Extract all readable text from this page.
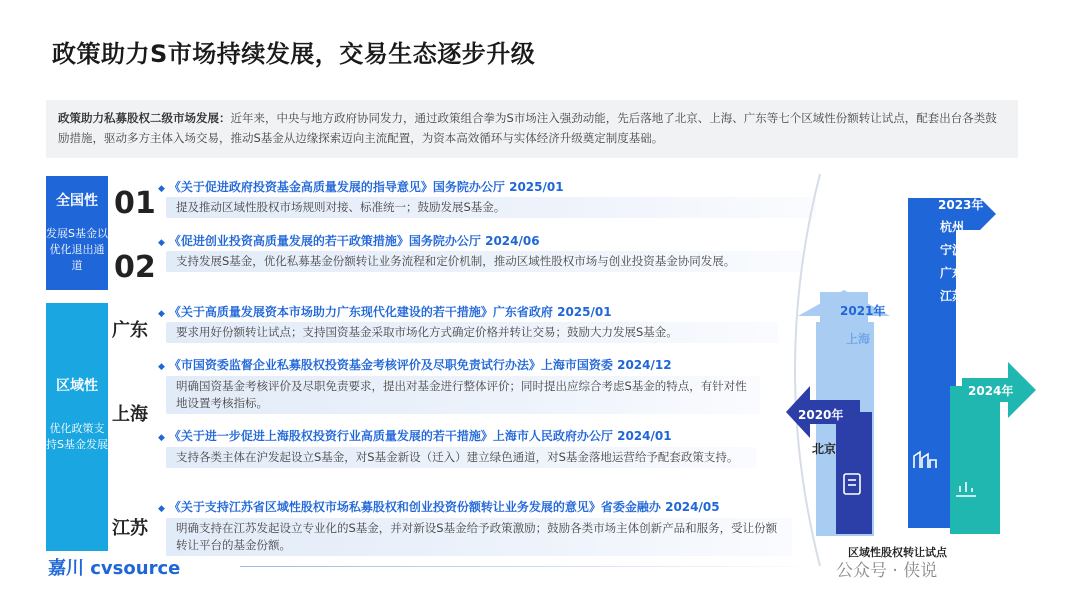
政策助力S市场持续发展，交易生态逐步升级
政策助力私募股权二级市场发展：近年来，中央与地方政府协同发力，通过政策组合拳为S市场注入强劲动能，先后落地了北京、上海、广东等七个区域性份额转让试点，配套出台各类鼓励措施，驱动多方主体入场交易，推动S基金从边缘探索迈向主流配置，为资本高效循环与实体经济升级奠定制度基础。
全国性
发展S基金以优化退出通道
区域性
优化政策支持S基金发展
01
02
广东
上海
江苏
◆ 《关于促进政府投资基金高质量发展的指导意见》国务院办公厅 2025/01
提及推动区域性股权市场规则对接、标准统一；鼓励发展S基金。
◆ 《促进创业投资高质量发展的若干政策措施》国务院办公厅 2024/06
支持发展S基金，优化私募基金份额转让业务流程和定价机制，推动区域性股权市场与创业投资基金协同发展。
◆ 《关于高质量发展资本市场助力广东现代化建设的若干措施》广东省政府 2025/01
要求用好份额转让试点；支持国资基金采取市场化方式确定价格并转让交易；鼓励大力发展S基金。
◆ 《市国资委监督企业私募股权投资基金考核评价及尽职免责试行办法》上海市国资委 2024/12
明确国资基金考核评价及尽职免责要求，提出对基金进行整体评价；同时提出应综合考虑S基金的特点，有针对性地设置考核指标。
◆ 《关于进一步促进上海股权投资行业高质量发展的若干措施》上海市人民政府办公厅 2024/01
支持各类主体在沪发起设立S基金，对S基金新设（迁入）建立绿色通道，对S基金落地运营给予配套政策支持。
◆ 《关于支持江苏省区域性股权市场私募股权和创业投资份额转让业务发展的意见》省委金融办 2024/05
明确支持在江苏发起设立专业化的S基金，并对新设S基金给予政策激励；鼓励各类市场主体创新产品和服务，受让份额转让平台的基金份额。
2023年
杭州
宁波
广东
江苏
2021年
上海
2024年
安徽
2020年
北京
区域性股权转让试点
嘉川 cvsource	公众号 · 侠说
